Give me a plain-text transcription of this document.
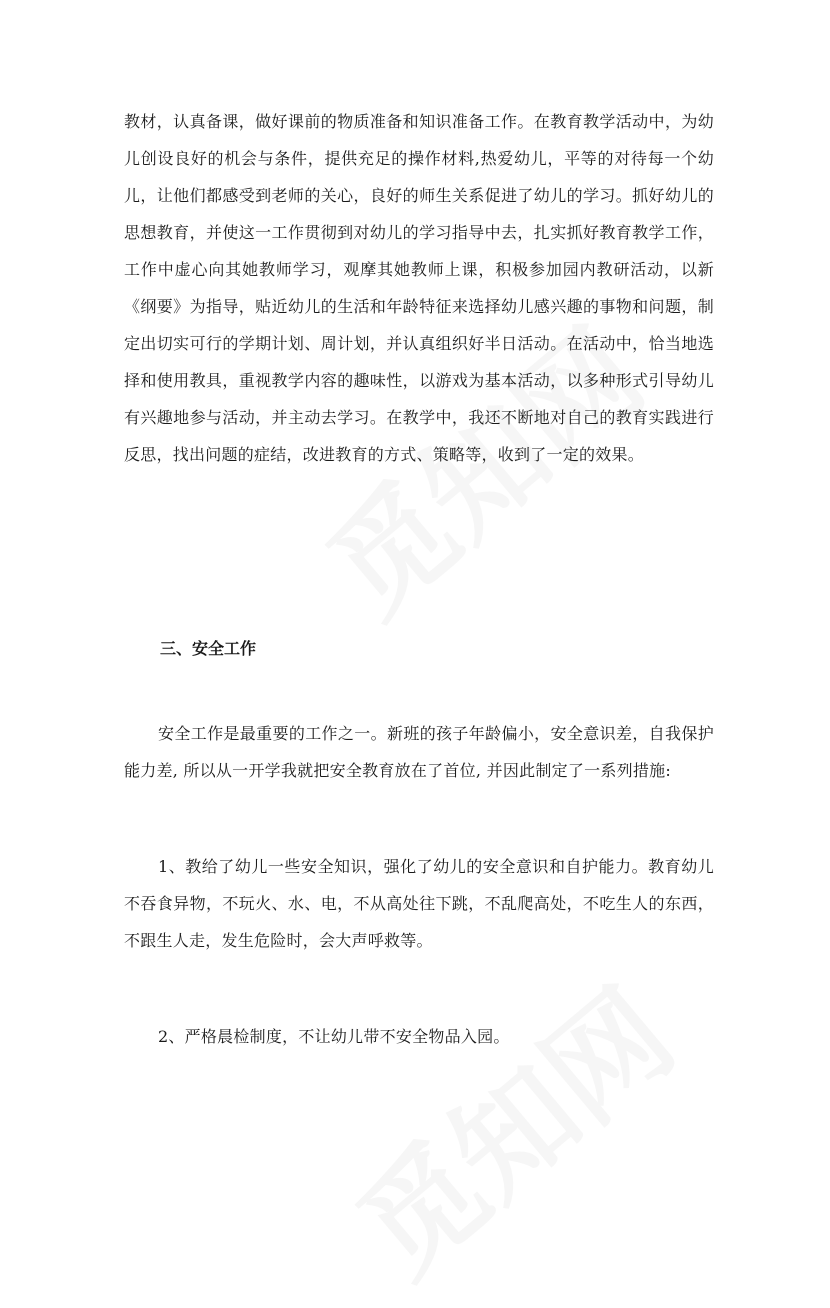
教材，认真备课，做好课前的物质准备和知识准备工作。在教育教学活动中，为幼儿创设良好的机会与条件，提供充足的操作材料,热爱幼儿，平等的对待每一个幼儿，让他们都感受到老师的关心，良好的师生关系促进了幼儿的学习。抓好幼儿的思想教育，并使这一工作贯彻到对幼儿的学习指导中去，扎实抓好教育教学工作，工作中虚心向其她教师学习，观摩其她教师上课，积极参加园内教研活动，以新《纲要》为指导，贴近幼儿的生活和年龄特征来选择幼儿感兴趣的事物和问题，制定出切实可行的学期计划、周计划，并认真组织好半日活动。在活动中，恰当地选择和使用教具，重视教学内容的趣味性，以游戏为基本活动，以多种形式引导幼儿有兴趣地参与活动，并主动去学习。在教学中，我还不断地对自己的教育实践进行反思，找出问题的症结，改进教育的方式、策略等，收到了一定的效果。
三、安全工作
安全工作是最重要的工作之一。新班的孩子年龄偏小，安全意识差，自我保护能力差, 所以从一开学我就把安全教育放在了首位, 并因此制定了一系列措施:
1、教给了幼儿一些安全知识，强化了幼儿的安全意识和自护能力。教育幼儿不吞食异物，不玩火、水、电，不从高处往下跳，不乱爬高处，不吃生人的东西，不跟生人走，发生危险时，会大声呼救等。
2、严格晨检制度，不让幼儿带不安全物品入园。
